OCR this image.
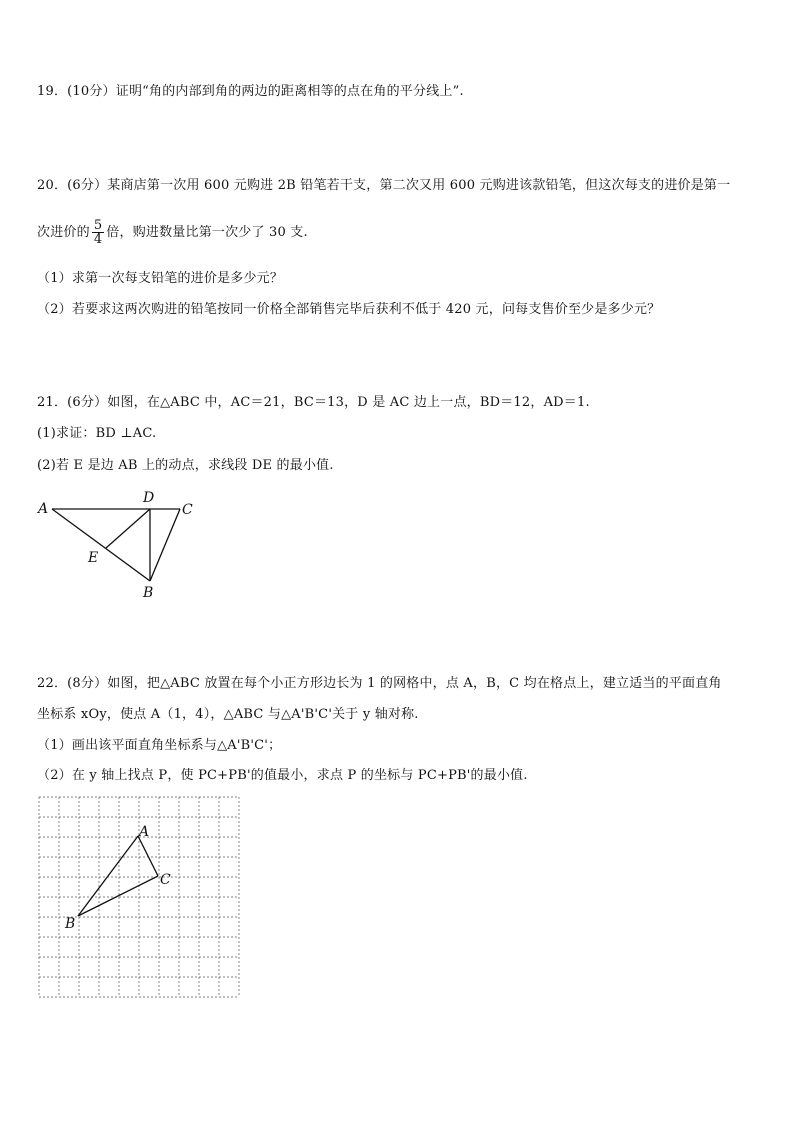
19．(10分）证明“角的内部到角的两边的距离相等的点在角的平分线上”.
20．(6分）某商店第一次用 600 元购进 2B 铅笔若干支，第二次又用 600 元购进该款铅笔，但这次每支的进价是第一
次进价的 $\frac{5}{4}$ 倍，购进数量比第一次少了 30 支.
（1）求第一次每支铅笔的进价是多少元？
（2）若要求这两次购进的铅笔按同一价格全部销售完毕后获利不低于 420 元，问每支售价至少是多少元？
21．(6分）如图，在△ABC 中，AC＝21，BC＝13，D 是 AC 边上一点，BD＝12，AD＝1.
(1)求证：BD ⊥AC.
(2)若 E 是边 AB 上的动点，求线段 DE 的最小值.
A
D
C
E
B
22．(8分）如图，把△ABC 放置在每个小正方形边长为 1 的网格中，点 A，B，C 均在格点上，建立适当的平面直角
坐标系 xOy，使点 A（1，4），△ABC 与△A'B'C'关于 y 轴对称.
（1）画出该平面直角坐标系与△A'B'C'；
（2）在 y 轴上找点 P，使 PC+PB'的值最小，求点 P 的坐标与 PC+PB'的最小值.
A
C
B
